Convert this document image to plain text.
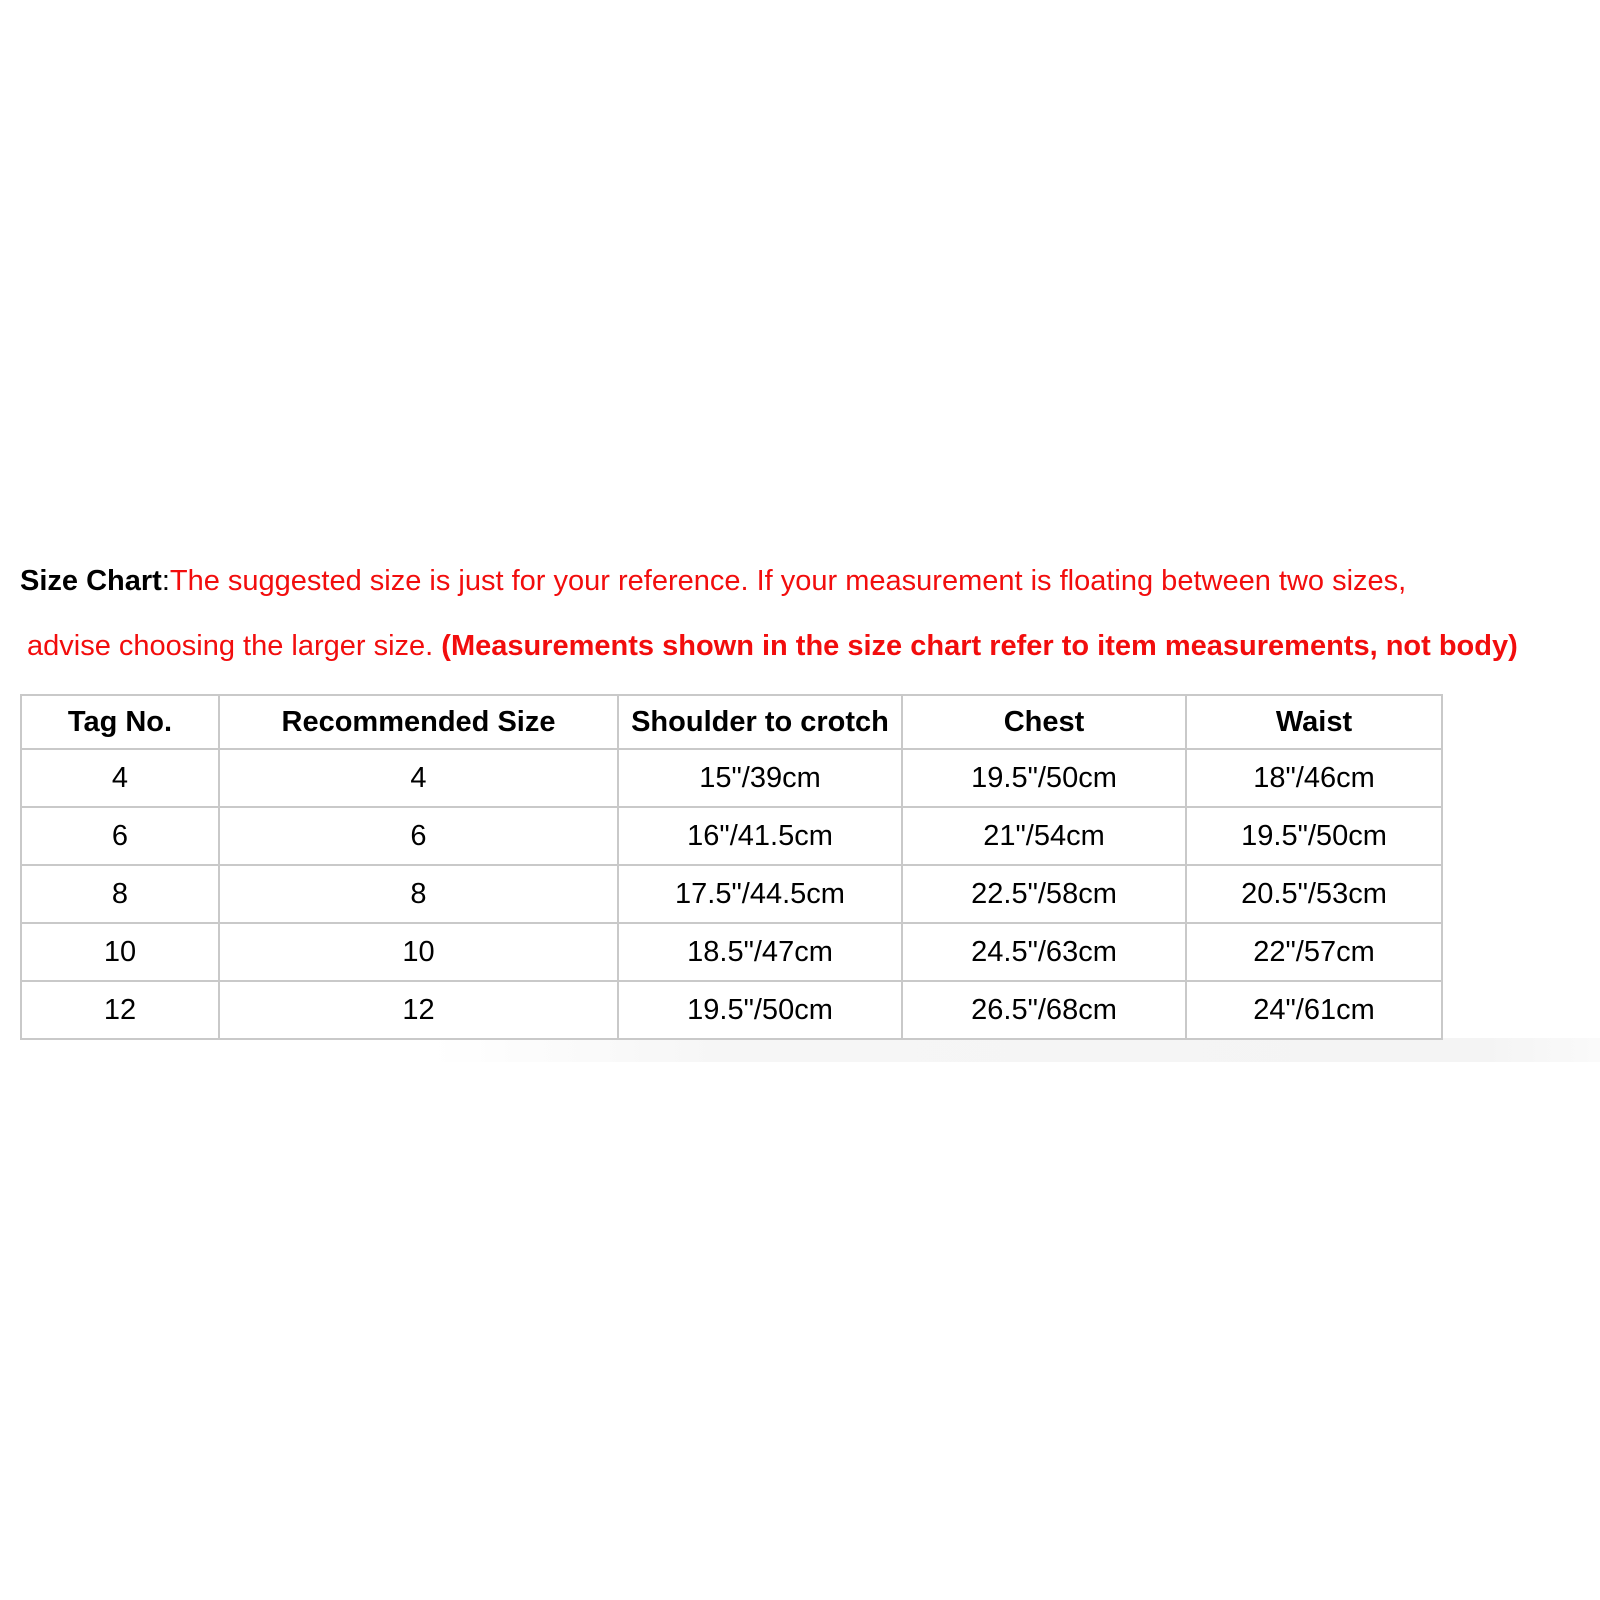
Size Chart:The suggested size is just for your reference. If your measurement is floating between two sizes,
advise choosing the larger size. (Measurements shown in the size chart refer to item measurements, not body)
Tag No.	Recommended Size	Shoulder to crotch	Chest	Waist
4	4	15"/39cm	19.5"/50cm	18"/46cm
6	6	16"/41.5cm	21"/54cm	19.5"/50cm
8	8	17.5"/44.5cm	22.5"/58cm	20.5"/53cm
10	10	18.5"/47cm	24.5"/63cm	22"/57cm
12	12	19.5"/50cm	26.5"/68cm	24"/61cm
